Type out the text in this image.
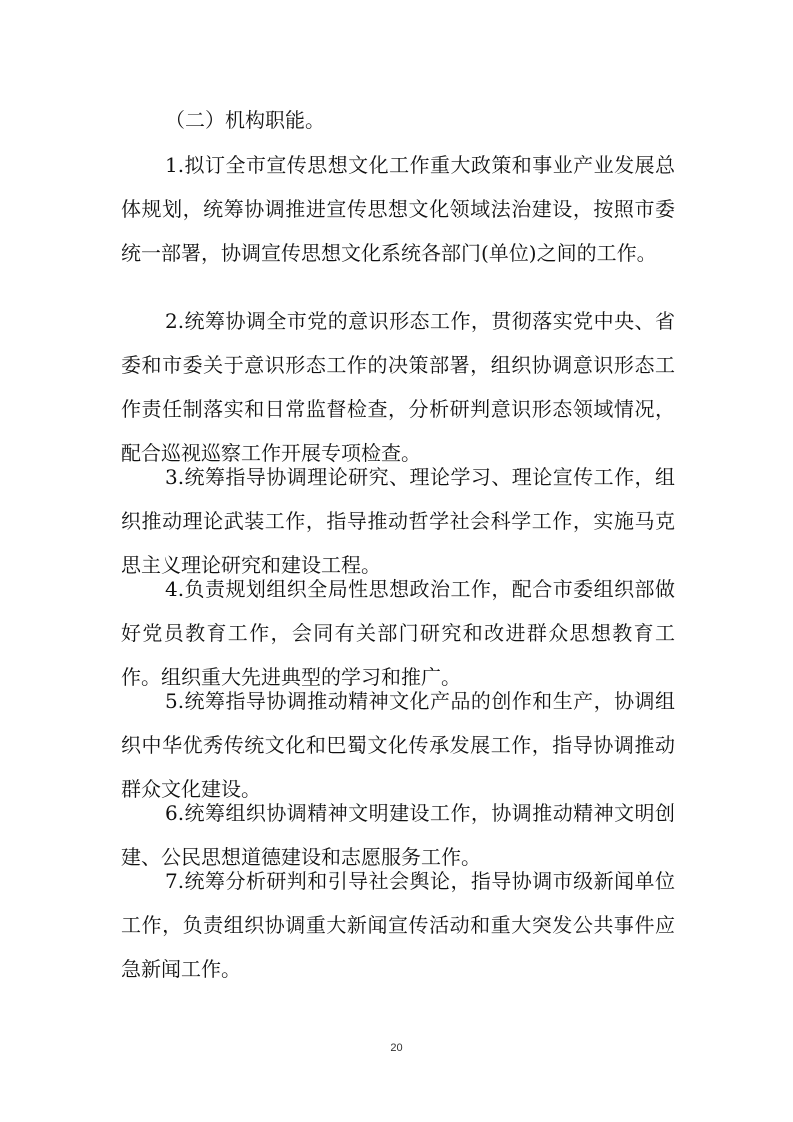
（二）机构职能。

1.拟订全市宣传思想文化工作重大政策和事业产业发展总体规划，统筹协调推进宣传思想文化领域法治建设，按照市委统一部署，协调宣传思想文化系统各部门(单位)之间的工作。

2.统筹协调全市党的意识形态工作，贯彻落实党中央、省委和市委关于意识形态工作的决策部署，组织协调意识形态工作责任制落实和日常监督检查，分析研判意识形态领域情况，配合巡视巡察工作开展专项检查。

3.统筹指导协调理论研究、理论学习、理论宣传工作，组织推动理论武装工作，指导推动哲学社会科学工作，实施马克思主义理论研究和建设工程。

4.负责规划组织全局性思想政治工作，配合市委组织部做好党员教育工作，会同有关部门研究和改进群众思想教育工作。组织重大先进典型的学习和推广。

5.统筹指导协调推动精神文化产品的创作和生产，协调组织中华优秀传统文化和巴蜀文化传承发展工作，指导协调推动群众文化建设。

6.统筹组织协调精神文明建设工作，协调推动精神文明创建、公民思想道德建设和志愿服务工作。

7.统筹分析研判和引导社会舆论，指导协调市级新闻单位工作，负责组织协调重大新闻宣传活动和重大突发公共事件应急新闻工作。

20
